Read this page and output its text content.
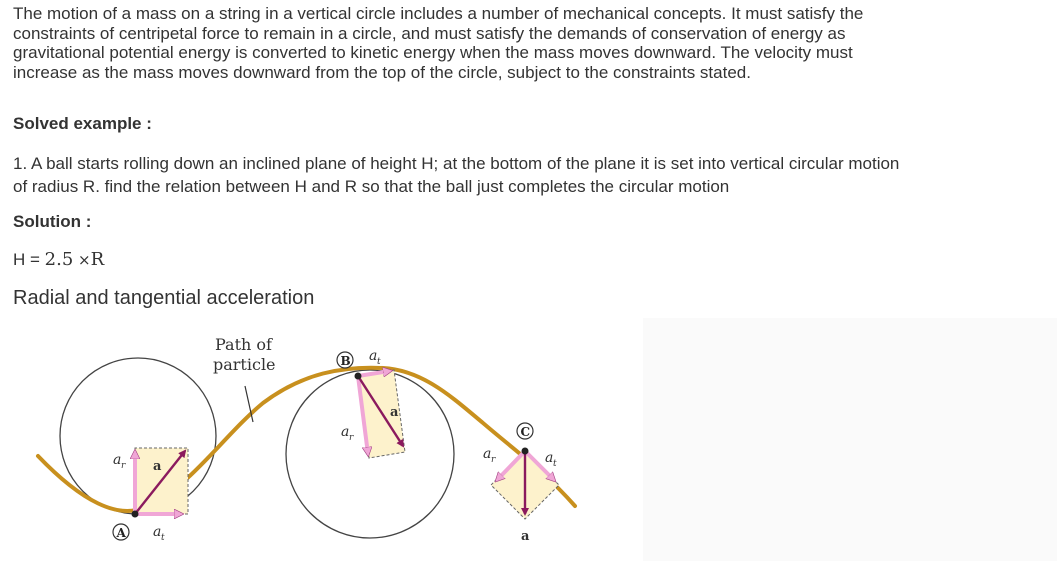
The motion of a mass on a string in a vertical circle includes a number of mechanical concepts. It must satisfy the
constraints of centripetal force to remain in a circle, and must satisfy the demands of conservation of energy as
gravitational potential energy is converted to kinetic energy when the mass moves downward. The velocity must
increase as the mass moves downward from the top of the circle, subject to the constraints stated.
Solved example :
1. A ball starts rolling down an inclined plane of height H; at the bottom of the plane it is set into vertical circular motion
of radius R. find the relation between H and R so that the ball just completes the circular motion
Solution :
H = 2.5 ×R
Radial and tangential acceleration
Path of
particle
a r a
A a t
B a t
a
a r	C
a r	a t
a
